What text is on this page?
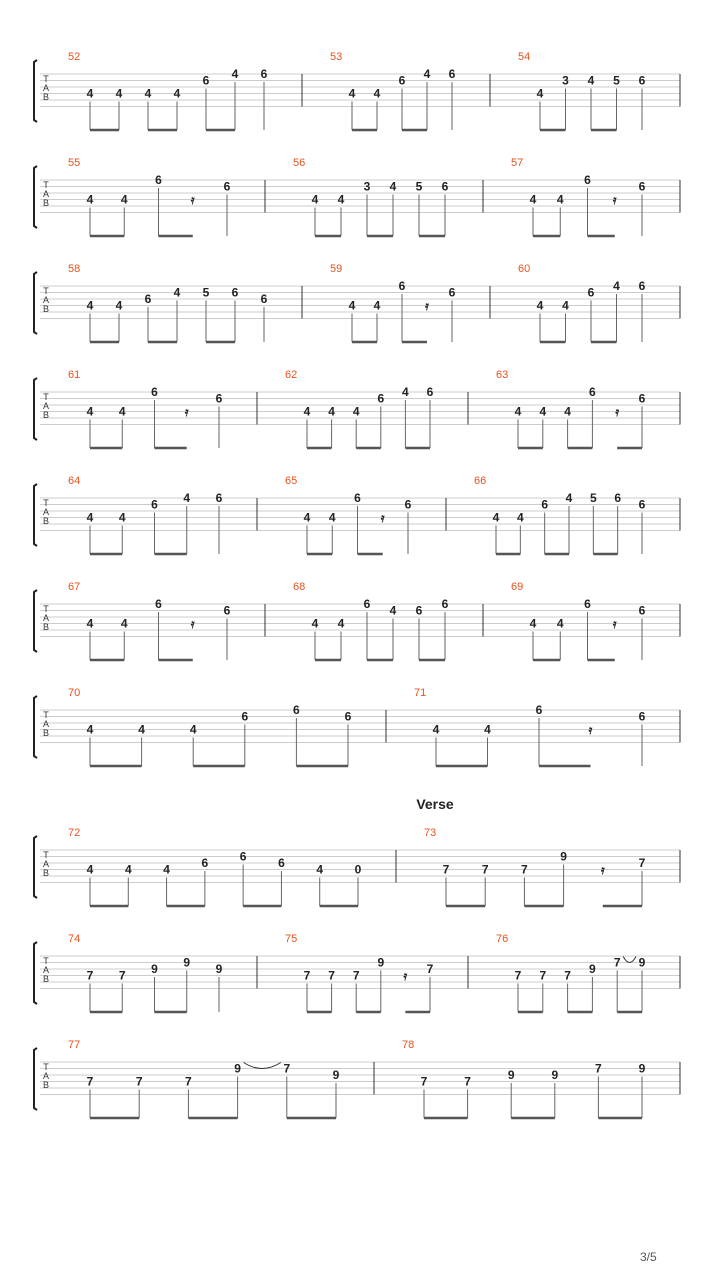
T
A
B
52
4 4 4 4
6 4 6
53
4 4
6 4 6
54
4
3 4 5 6
T
A
B
55
4 4
6
𝄿
6
56
4 4
3 4 5 6
57
4 4
6
𝄿
6
T
A
B
58
4 4 6 4 5 6 6
59
4 4
6
𝄿
6
60
4 4
6 4 6
T
A
B
61
4 4
6
𝄿
6
62
4 4 4
6 4 6
63
4 4 4
6
𝄿
6
T
A
B
64
4 4
6 4 6
65
4 4
6
𝄿
6
66
4 4
6 4 5 6 6
T
A
B
67
4 4
6
𝄿
6
68
4 4
6 4 6 6
69
4 4
6
𝄿
6
T
A
B
70
4	4	4
6	6	6
71
4	4
6
𝄿
6
T
A
B
72
4	4	4	6	6	6	4	0
73
7	7	7
9
𝄿	7
T
A
B
74
7 7 9 9 9
75
7 7 7
9
𝄿 7
76
7 7 7 9 7 9
T
A
B
77
7	7	7
9	7	9
78
7	7	9	9	7	9
Verse
3/5
